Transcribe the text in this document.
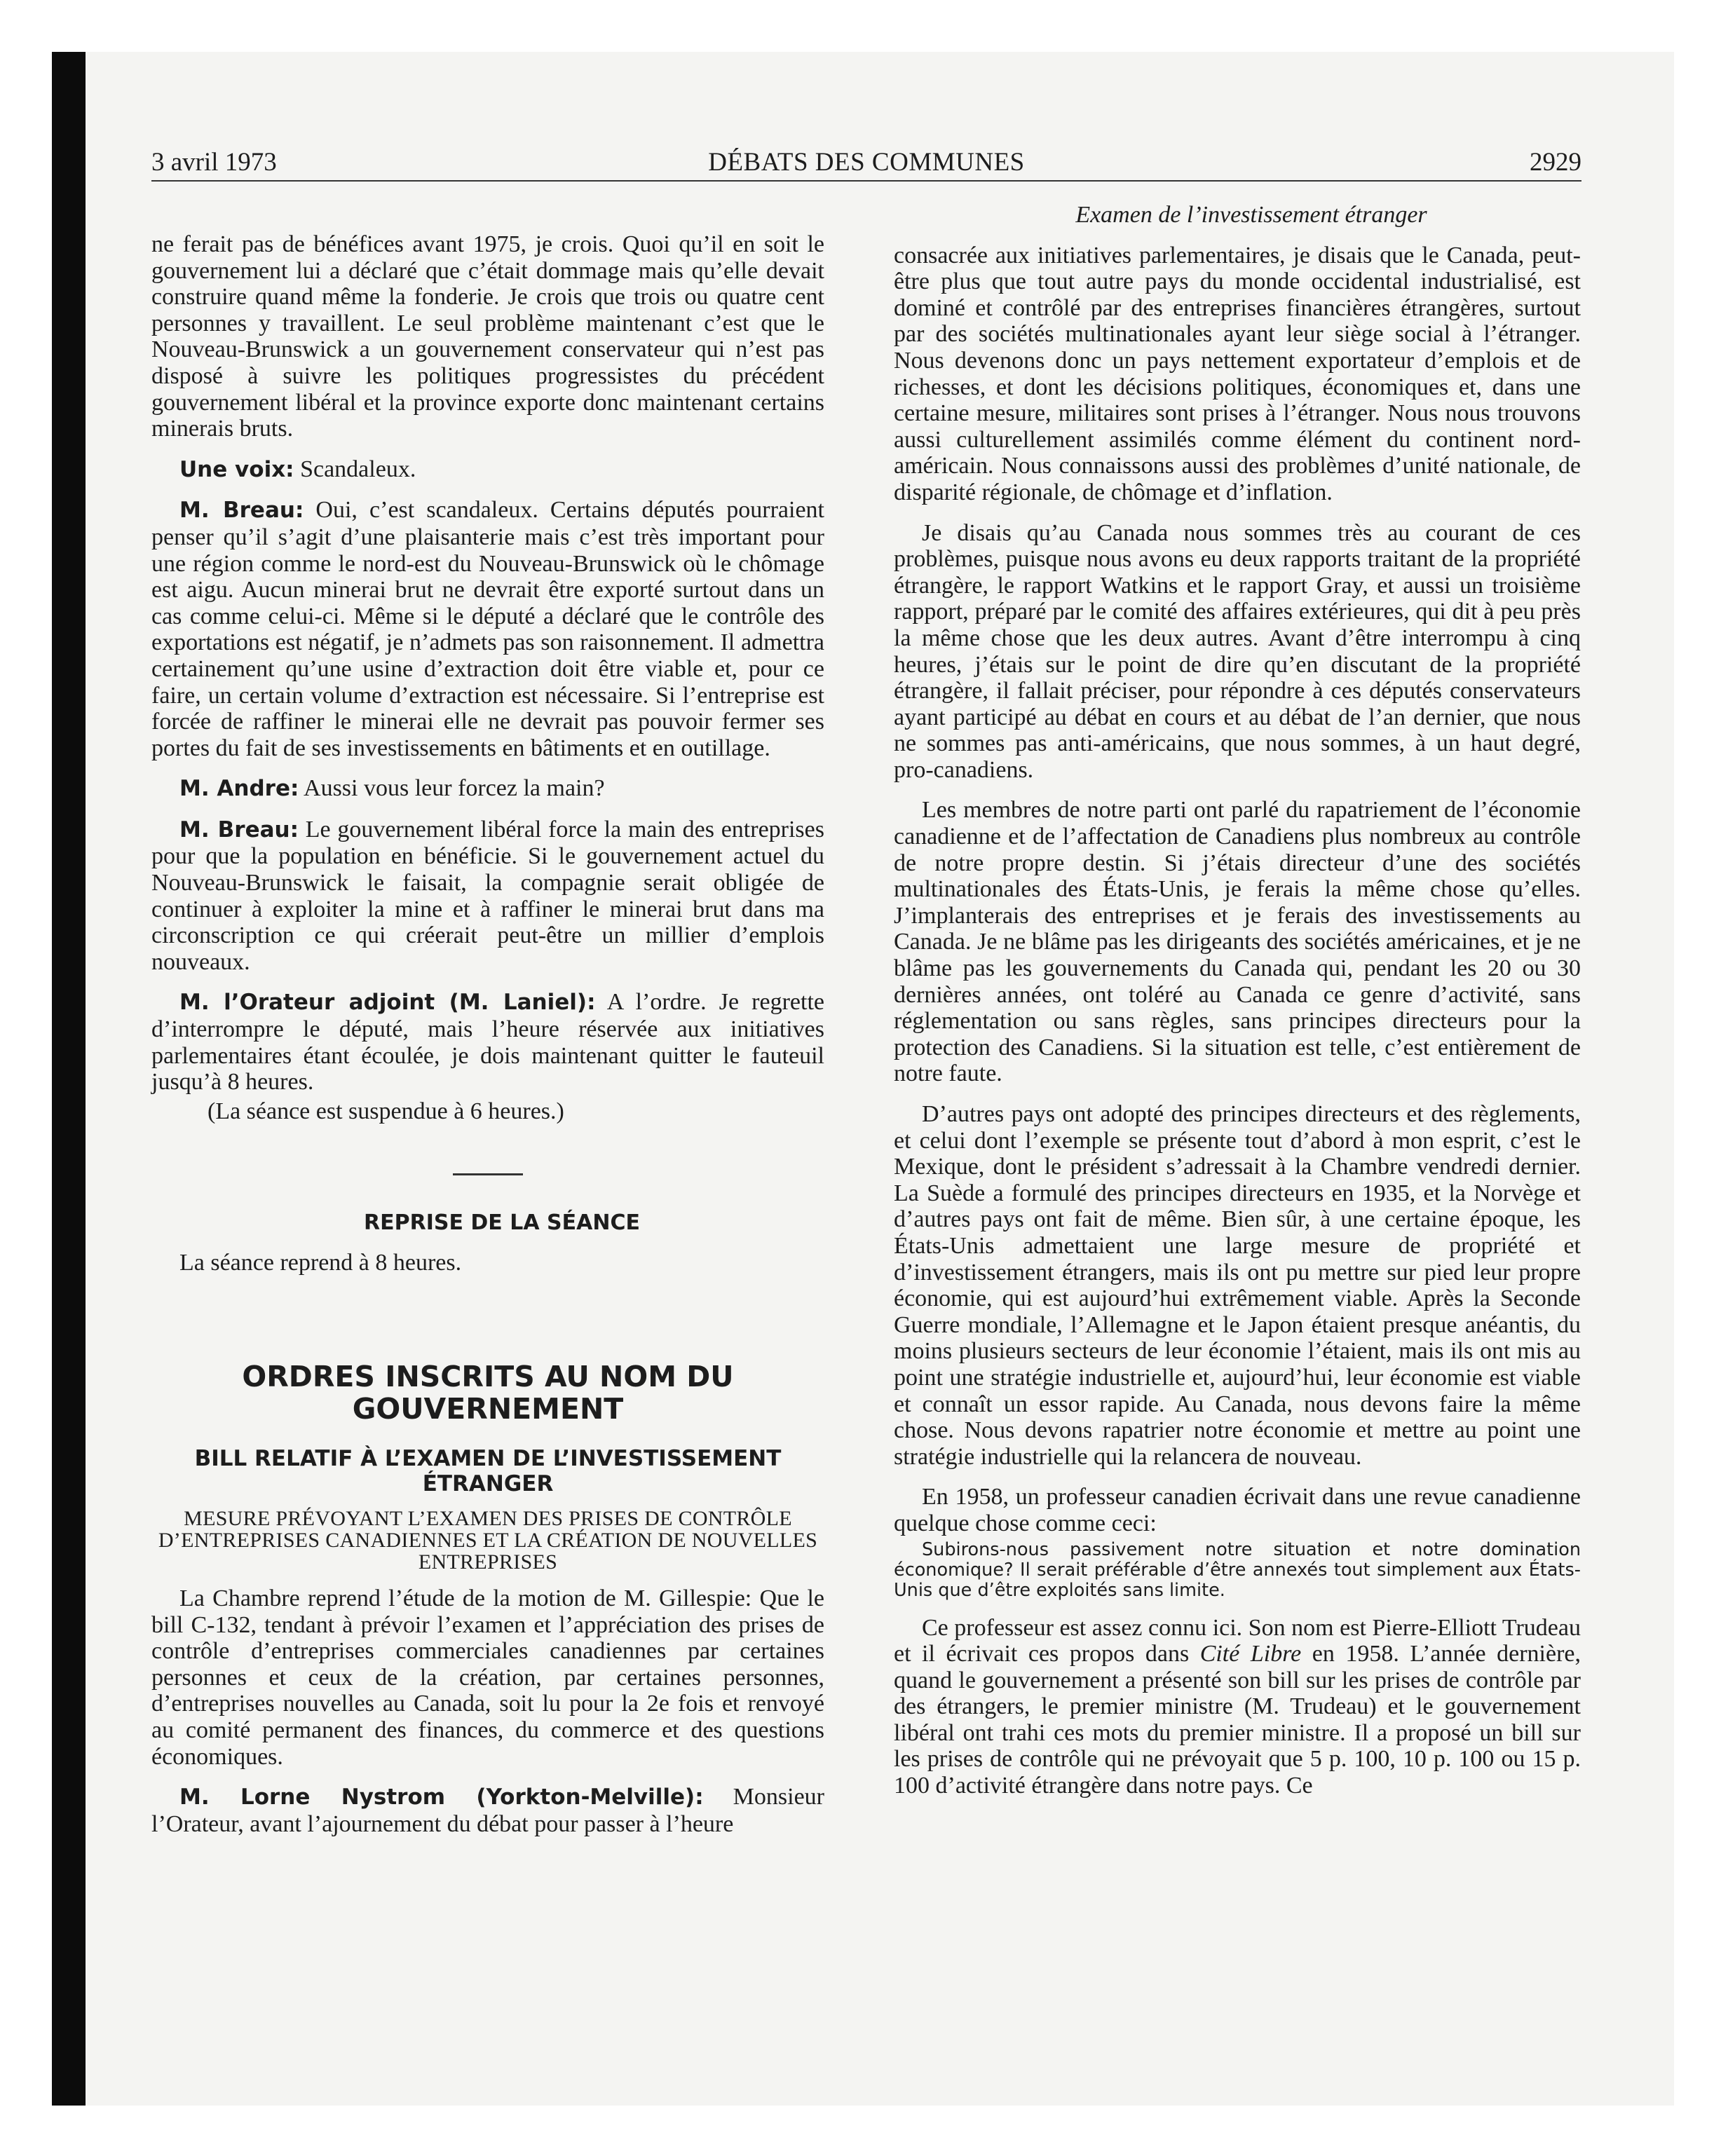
3 avril 1973	DÉBATS DES COMMUNES	2929

ne ferait pas de bénéfices avant 1975, je crois. Quoi qu’il en soit le gouvernement lui a déclaré que c’était dommage mais qu’elle devait construire quand même la fonderie. Je crois que trois ou quatre cent personnes y travaillent. Le seul problème maintenant c’est que le Nouveau-Brunswick a un gouvernement conservateur qui n’est pas disposé à suivre les politiques progressistes du précédent gouvernement libéral et la province exporte donc maintenant certains minerais bruts.

Une voix: Scandaleux.

M. Breau: Oui, c’est scandaleux. Certains députés pourraient penser qu’il s’agit d’une plaisanterie mais c’est très important pour une région comme le nord-est du Nouveau-Brunswick où le chômage est aigu. Aucun minerai brut ne devrait être exporté surtout dans un cas comme celui-ci. Même si le député a déclaré que le contrôle des exportations est négatif, je n’admets pas son raisonnement. Il admettra certainement qu’une usine d’extraction doit être viable et, pour ce faire, un certain volume d’extraction est nécessaire. Si l’entreprise est forcée de raffiner le minerai elle ne devrait pas pouvoir fermer ses portes du fait de ses investissements en bâtiments et en outillage.

M. Andre: Aussi vous leur forcez la main?

M. Breau: Le gouvernement libéral force la main des entreprises pour que la population en bénéficie. Si le gouvernement actuel du Nouveau-Brunswick le faisait, la compagnie serait obligée de continuer à exploiter la mine et à raffiner le minerai brut dans ma circonscription ce qui créerait peut-être un millier d’emplois nouveaux.

M. l’Orateur adjoint (M. Laniel): A l’ordre. Je regrette d’interrompre le député, mais l’heure réservée aux initiatives parlementaires étant écoulée, je dois maintenant quitter le fauteuil jusqu’à 8 heures.

(La séance est suspendue à 6 heures.)

REPRISE DE LA SÉANCE

La séance reprend à 8 heures.

ORDRES INSCRITS AU NOM DU GOUVERNEMENT
BILL RELATIF À L’EXAMEN DE L’INVESTISSEMENT ÉTRANGER
MESURE PRÉVOYANT L’EXAMEN DES PRISES DE CONTRÔLE D’ENTREPRISES CANADIENNES ET LA CRÉATION DE NOUVELLES ENTREPRISES

La Chambre reprend l’étude de la motion de M. Gillespie: Que le bill C-132, tendant à prévoir l’examen et l’appréciation des prises de contrôle d’entreprises commerciales canadiennes par certaines personnes et ceux de la création, par certaines personnes, d’entreprises nouvelles au Canada, soit lu pour la 2e fois et renvoyé au comité permanent des finances, du commerce et des questions économiques.

M. Lorne Nystrom (Yorkton-Melville): Monsieur l’Orateur, avant l’ajournement du débat pour passer à l’heure

Examen de l’investissement étranger

consacrée aux initiatives parlementaires, je disais que le Canada, peut-être plus que tout autre pays du monde occidental industrialisé, est dominé et contrôlé par des entreprises financières étrangères, surtout par des sociétés multinationales ayant leur siège social à l’étranger. Nous devenons donc un pays nettement exportateur d’emplois et de richesses, et dont les décisions politiques, économiques et, dans une certaine mesure, militaires sont prises à l’étranger. Nous nous trouvons aussi culturellement assimilés comme élément du continent nord-américain. Nous connaissons aussi des problèmes d’unité nationale, de disparité régionale, de chômage et d’inflation.

Je disais qu’au Canada nous sommes très au courant de ces problèmes, puisque nous avons eu deux rapports traitant de la propriété étrangère, le rapport Watkins et le rapport Gray, et aussi un troisième rapport, préparé par le comité des affaires extérieures, qui dit à peu près la même chose que les deux autres. Avant d’être interrompu à cinq heures, j’étais sur le point de dire qu’en discutant de la propriété étrangère, il fallait préciser, pour répondre à ces députés conservateurs ayant participé au débat en cours et au débat de l’an dernier, que nous ne sommes pas anti-américains, que nous sommes, à un haut degré, pro-canadiens.

Les membres de notre parti ont parlé du rapatriement de l’économie canadienne et de l’affectation de Canadiens plus nombreux au contrôle de notre propre destin. Si j’étais directeur d’une des sociétés multinationales des États-Unis, je ferais la même chose qu’elles. J’implanterais des entreprises et je ferais des investissements au Canada. Je ne blâme pas les dirigeants des sociétés américaines, et je ne blâme pas les gouvernements du Canada qui, pendant les 20 ou 30 dernières années, ont toléré au Canada ce genre d’activité, sans réglementation ou sans règles, sans principes directeurs pour la protection des Canadiens. Si la situation est telle, c’est entièrement de notre faute.

D’autres pays ont adopté des principes directeurs et des règlements, et celui dont l’exemple se présente tout d’abord à mon esprit, c’est le Mexique, dont le président s’adressait à la Chambre vendredi dernier. La Suède a formulé des principes directeurs en 1935, et la Norvège et d’autres pays ont fait de même. Bien sûr, à une certaine époque, les États-Unis admettaient une large mesure de propriété et d’investissement étrangers, mais ils ont pu mettre sur pied leur propre économie, qui est aujourd’hui extrêmement viable. Après la Seconde Guerre mondiale, l’Allemagne et le Japon étaient presque anéantis, du moins plusieurs secteurs de leur économie l’étaient, mais ils ont mis au point une stratégie industrielle et, aujourd’hui, leur économie est viable et connaît un essor rapide. Au Canada, nous devons faire la même chose. Nous devons rapatrier notre économie et mettre au point une stratégie industrielle qui la relancera de nouveau.

En 1958, un professeur canadien écrivait dans une revue canadienne quelque chose comme ceci:

Subirons-nous passivement notre situation et notre domination économique? Il serait préférable d’être annexés tout simplement aux États-Unis que d’être exploités sans limite.

Ce professeur est assez connu ici. Son nom est Pierre-Elliott Trudeau et il écrivait ces propos dans Cité Libre en 1958. L’année dernière, quand le gouvernement a présenté son bill sur les prises de contrôle par des étrangers, le premier ministre (M. Trudeau) et le gouvernement libéral ont trahi ces mots du premier ministre. Il a proposé un bill sur les prises de contrôle qui ne prévoyait que 5 p. 100, 10 p. 100 ou 15 p. 100 d’activité étrangère dans notre pays. Ce
